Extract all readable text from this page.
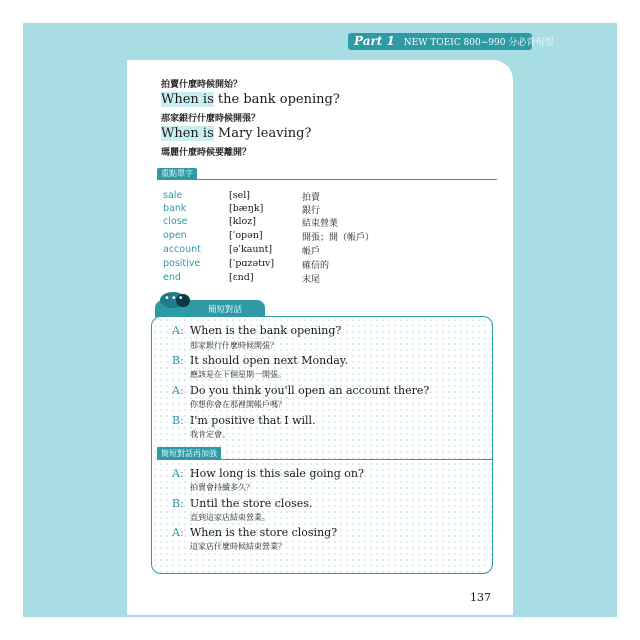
Part 1 NEW TOEIC 800~990 分必背句型
拍賣什麼時候開始？
When is the bank opening?
那家銀行什麼時候開張？
When is Mary leaving?
瑪麗什麼時候要離開？
重點單字
sale	[sel]	拍賣
bank	[bæŋk]	銀行
close	[kloz]	結束營業
open	[ˈopən]	開張；開（帳戶）
account	[əˈkaunt]	帳戶
positive	[ˈpɑzətɪv]	確信的
end	[ɛnd]	末尾
•••
簡短對話
A: When is the bank opening?
那家銀行什麼時候開張？
B: It should open next Monday.
應該是在下個星期一開張。
A: Do you think you'll open an account there?
你想你會在那裡開帳戶嗎？
B: I'm positive that I will.
我肯定會。
簡短對話再加強
A: How long is this sale going on?
拍賣會持續多久？
B: Until the store closes.
直到這家店結束營業。
A: When is the store closing?
這家店什麼時候結束營業？
137
